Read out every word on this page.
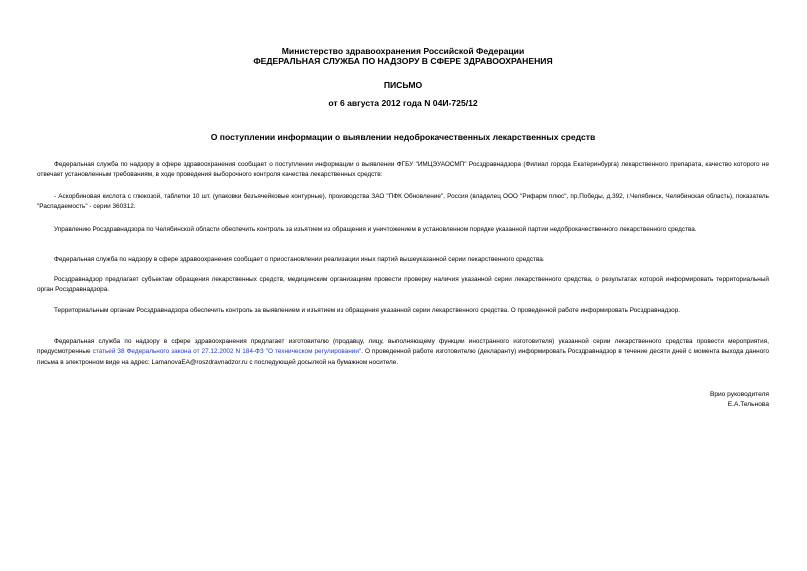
Министерство здравоохранения Российской Федерации
ФЕДЕРАЛЬНАЯ СЛУЖБА ПО НАДЗОРУ В СФЕРЕ ЗДРАВООХРАНЕНИЯ
ПИСЬМО
от 6 августа 2012 года N 04И-725/12
О поступлении информации о выявлении недоброкачественных лекарственных средств
Федеральная служба по надзору в сфере здравоохранения сообщает о поступлении информации о выявлении ФГБУ "ИМЦЭУАОСМП" Росздравнадзора (Филиал города Екатеринбурга) лекарственного препарата, качество которого не отвечает установленным требованиям, в ходе проведения выборочного контроля качества лекарственных средств:
- Аскорбиновая кислота с глюкозой, таблетки 10 шт. (упаковки безъячейковые контурные), производства ЗАО "ПФК Обновление", Россия (владелец ООО "Рифарм плюс", пр.Победы, д.392, г.Челябинск, Челябинская область), показатель "Распадаемость" - серии 360312.
Управлению Росздравнадзора по Челябинской области обеспечить контроль за изъятием из обращения и уничтожением в установленном порядке указанной партии недоброкачественного лекарственного средства.
Федеральная служба по надзору в сфере здравоохранения сообщает о приостановлении реализации иных партий вышеуказанной серии лекарственного средства.
Росздравнадзор предлагает субъектам обращения лекарственных средств, медицинским организациям провести проверку наличия указанной серии лекарственного средства, о результатах которой информировать территориальный орган Росздравнадзора.
Территориальным органам Росздравнадзора обеспечить контроль за выявлением и изъятием из обращения указанной серии лекарственного средства. О проведенной работе информировать Росздравнадзор.
Федеральная служба по надзору в сфере здравоохранения предлагает изготовителю (продавцу, лицу, выполняющему функции иностранного изготовителя) указанной серии лекарственного средства провести мероприятия, предусмотренные статьей 38 Федерального закона от 27.12.2002 N 184-ФЗ "О техническом регулировании". О проведенной работе изготовителю (декларанту) информировать Росздравнадзор в течение десяти дней с момента выхода данного письма в электронном виде на адрес: LamanovaEA@roszdravnadzor.ru с последующей досылкой на бумажном носителе.
Врио руководителя
Е.А.Тельнова
